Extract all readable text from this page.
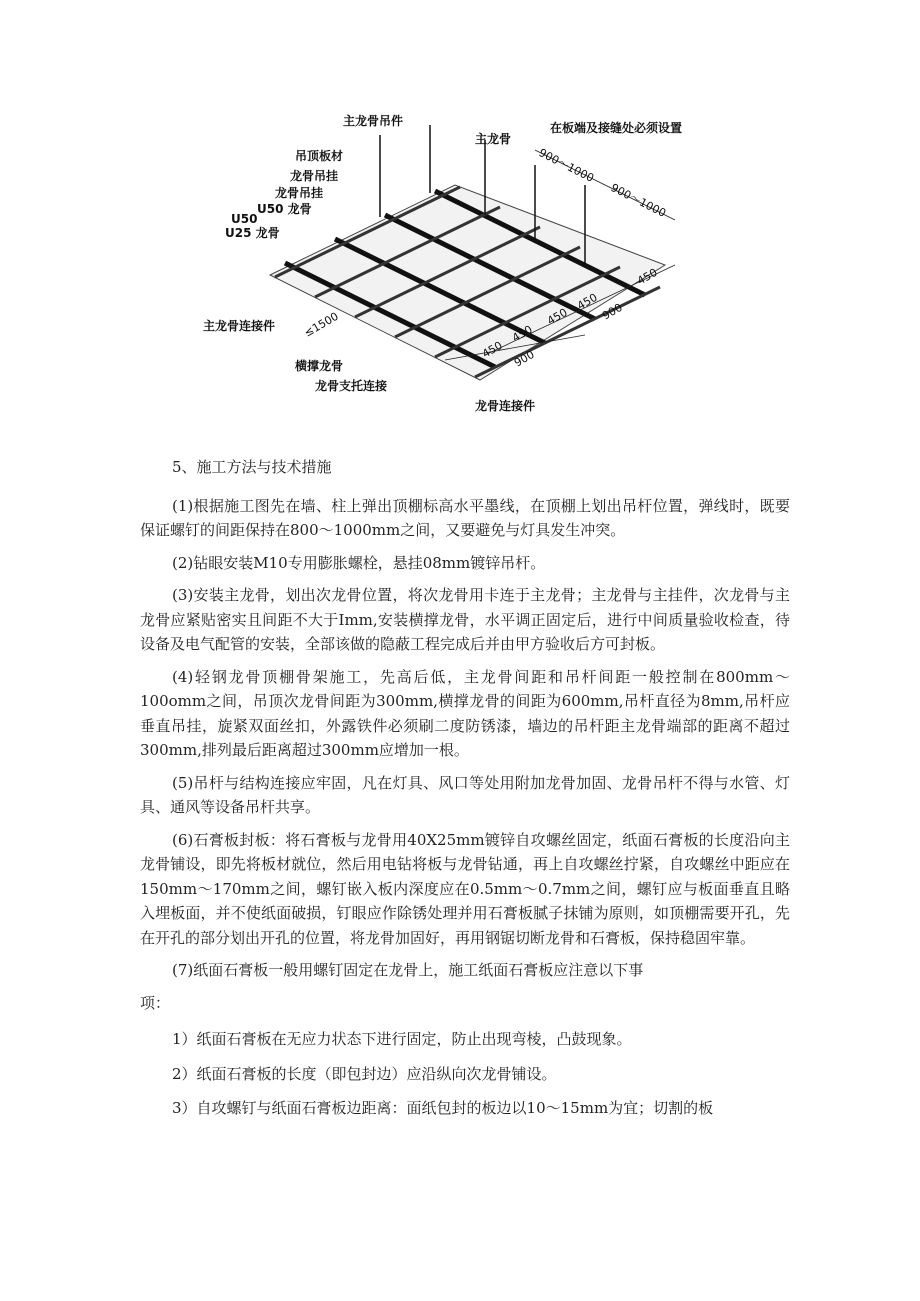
主龙骨吊件
主龙骨
在板端及接缝处必须设置
吊顶板材
龙骨吊挂
龙骨吊挂
U50 龙骨
U50
U25 龙骨
主龙骨连接件
横撑龙骨
龙骨支托连接
龙骨连接件
900～1000
900～1000
≤1500
450
450
450
450
450
900
900

5、施工方法与技术措施

(1)根据施工图先在墙、柱上弹出顶棚标高水平墨线，在顶棚上划出吊杆位置，弹线时，既要保证螺钉的间距保持在800～1000mm之间，又要避免与灯具发生冲突。

(2)钻眼安装M10专用膨胀螺栓，悬挂08mm镀锌吊杆。

(3)安装主龙骨，划出次龙骨位置，将次龙骨用卡连于主龙骨；主龙骨与主挂件，次龙骨与主龙骨应紧贴密实且间距不大于Imm,安装横撑龙骨，水平调正固定后，进行中间质量验收检查，待设备及电气配管的安装，全部该做的隐蔽工程完成后并由甲方验收后方可封板。

(4)轻钢龙骨顶棚骨架施工，先高后低，主龙骨间距和吊杆间距一般控制在800mm～100omm之间，吊顶次龙骨间距为300mm,横撑龙骨的间距为600mm,吊杆直径为8mm,吊杆应垂直吊挂，旋紧双面丝扣，外露铁件必须刷二度防锈漆，墙边的吊杆距主龙骨端部的距离不超过300mm,排列最后距离超过300mm应增加一根。

(5)吊杆与结构连接应牢固，凡在灯具、风口等处用附加龙骨加固、龙骨吊杆不得与水管、灯具、通风等设备吊杆共享。

(6)石膏板封板：将石膏板与龙骨用40X25mm镀锌自攻螺丝固定，纸面石膏板的长度沿向主龙骨铺设，即先将板材就位，然后用电钻将板与龙骨钻通，再上自攻螺丝拧紧，自攻螺丝中距应在150mm～170mm之间，螺钉嵌入板内深度应在0.5mm～0.7mm之间，螺钉应与板面垂直且略入埋板面，并不使纸面破损，钉眼应作除锈处理并用石膏板腻子抹铺为原则，如顶棚需要开孔，先在开孔的部分划出开孔的位置，将龙骨加固好，再用钢锯切断龙骨和石膏板，保持稳固牢靠。

(7)纸面石膏板一般用螺钉固定在龙骨上，施工纸面石膏板应注意以下事

项：

1）纸面石膏板在无应力状态下进行固定，防止出现弯棱，凸鼓现象。

2）纸面石膏板的长度（即包封边）应沿纵向次龙骨铺设。

3）自攻螺钉与纸面石膏板边距离：面纸包封的板边以10～15mm为宜；切割的板
